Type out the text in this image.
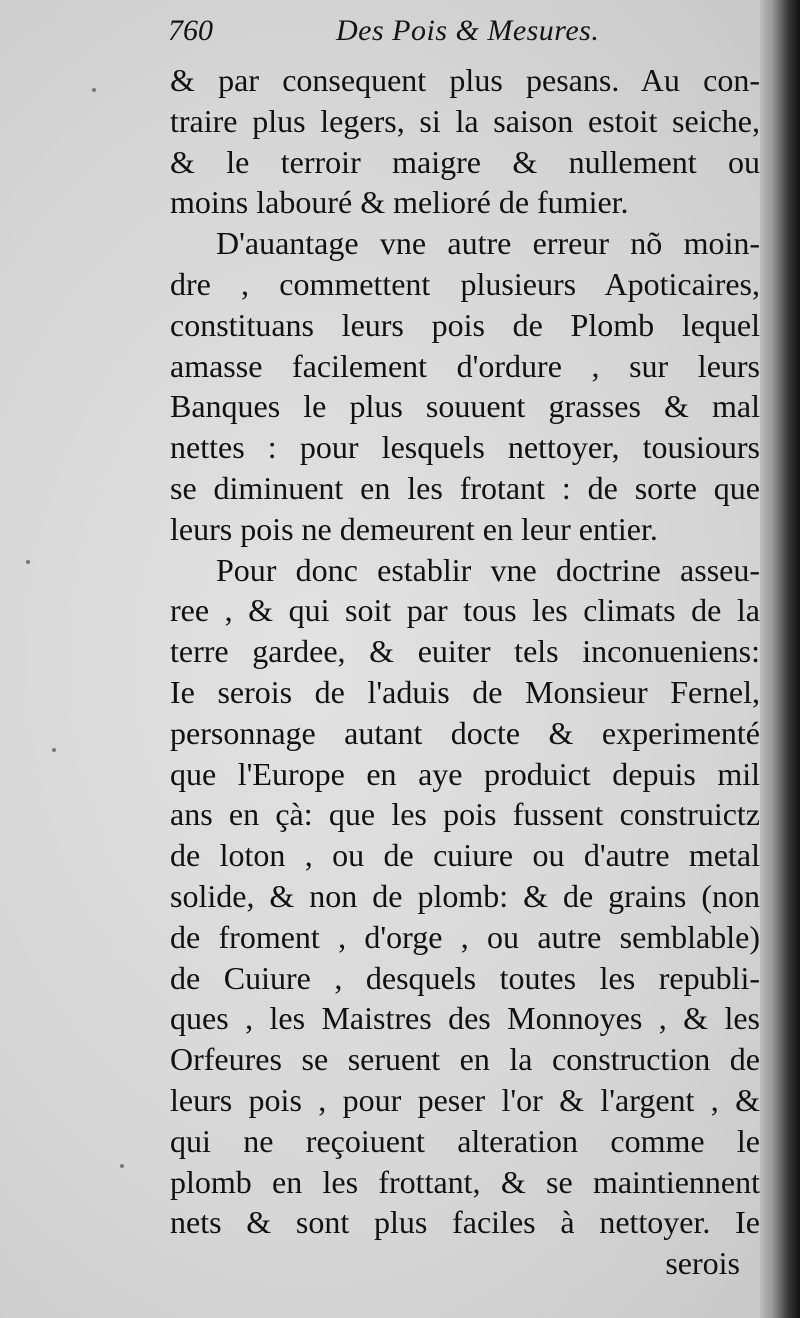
760	Des Pois & Mesures.
& par consequent plus pesans. Au con-
traire plus legers, si la saison estoit seiche,
& le terroir maigre & nullement ou
moins labouré & melioré de fumier.
D'auantage vne autre erreur nõ moin-
dre , commettent plusieurs Apoticaires,
constituans leurs pois de Plomb lequel
amasse facilement d'ordure , sur leurs
Banques le plus souuent grasses & mal
nettes : pour lesquels nettoyer, tousiours
se diminuent en les frotant : de sorte que
leurs pois ne demeurent en leur entier.
Pour donc establir vne doctrine asseu-
ree , & qui soit par tous les climats de la
terre gardee, & euiter tels inconueniens:
Ie serois de l'aduis de Monsieur Fernel,
personnage autant docte & experimenté
que l'Europe en aye produict depuis mil
ans en çà: que les pois fussent construictz
de loton , ou de cuiure ou d'autre metal
solide, & non de plomb: & de grains (non
de froment , d'orge , ou autre semblable)
de Cuiure , desquels toutes les republi-
ques , les Maistres des Monnoyes , & les
Orfeures se seruent en la construction de
leurs pois , pour peser l'or & l'argent , &
qui ne reçoiuent alteration comme le
plomb en les frottant, & se maintiennent
nets & sont plus faciles à nettoyer. Ie
serois
